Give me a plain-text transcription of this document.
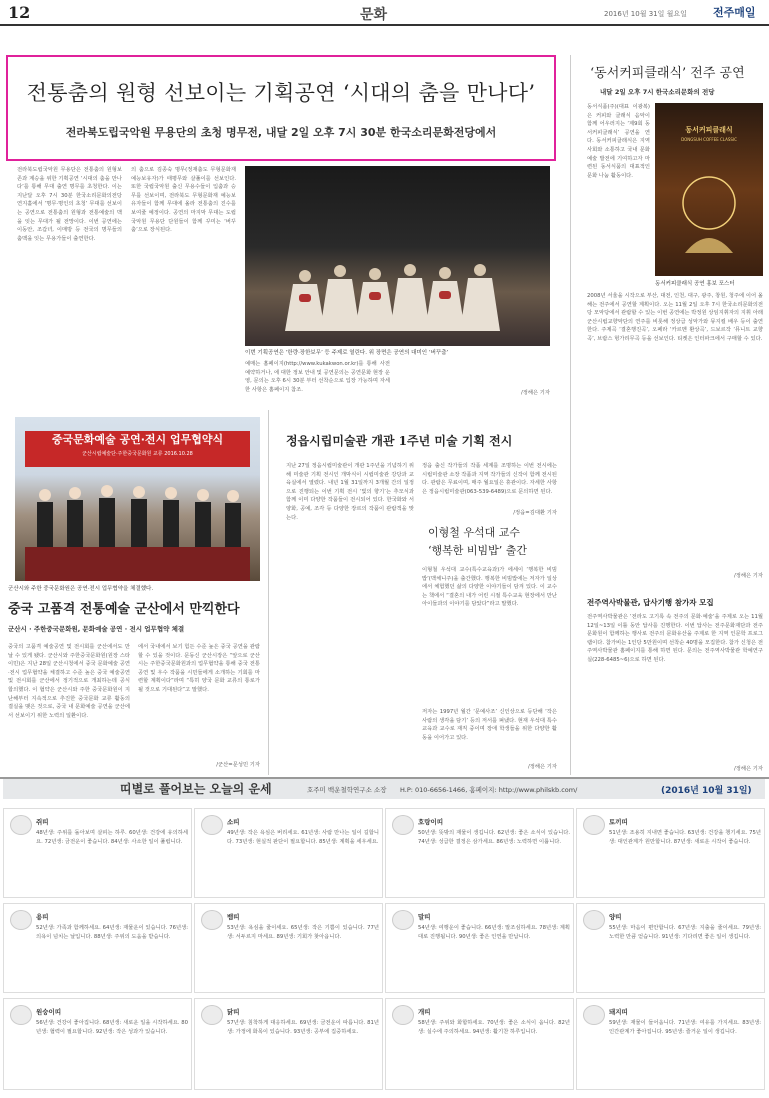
12	문화	2016년 10월 31일 월요일 전주매일
전통춤의 원형 선보이는 기획공연 ‘시대의 춤을 만나다’
전라북도립국악원 무용단의 초청 명무전, 내달 2일 오후 7시 30분 한국소리문화전당에서
전라북도립국악원 무용단은 전통춤의 원형보존과 계승을 위한 기획공연 ‘시대의 춤을 만나다’를 통해 무대 출연 명무를 초청한다. 이는 지난달 오후 7시 30분 한국소리문화의전당 연지홀에서 ‘명무·명인의 초청’ 무대를 선보이는 공연으로 전통춤의 원형과 전통예술의 맥을 잇는 무대가 될 전망이다. 이번 공연에는 이동안, 조갑녀, 이매방 등 전국의 명무들의 춤맥을 잇는 무용가들이 출연한다.
의 춤으로 김종숙 명무(정재춤도 무형문화재 예능보유자)가 태평무와 살풀이를 선보인다. 또한 국립국악원 출신 무용수들이 입춤과 승무를 선보이며, 전라북도 무형문화재 예능보유자들이 함께 무대에 올라 전통춤의 진수를 보여줄 예정이다. 공연의 마지막 무대는 도립국악원 무용단 단원들이 함께 꾸미는 ‘버꾸춤’으로 장식된다.
이번 기획공연은 ‘한량·장한보무’ 등 주제로 열린다. 위 장면은 공연의 대미인 ‘버꾸춤’
예매는 홈페이지(http://www.kukakwon.or.kr)를 통해 사전 예약하거나, 에 대한 정보 안내 및 공연문의는 공연문화 현장 운영, 문의는 오후 6시 30분 부터 선착순으로 입장 가능하며 자세한 사항은 홈페이지 참조.
/정해은 기자
‘동서커피클래식’ 전주 공연
내달 2일 오후 7시 한국소리문화의 전당
동서식품(주)(대표 이광복)은 커피와 클래식 음악이 함께 어우러지는 ‘제9회 동서커피클래식’ 공연을 연다. 동서커피클래식은 지역사회와 소통하고 국내 문화예술 발전에 기여하고자 마련된 동서식품의 대표적인 문화 나눔 활동이다.
동서커피클래식
DONGSUH COFFEE CLASSIC
동서커피클래식 공연 홍보 포스터
2008년 서울을 시작으로 부산, 대전, 인천, 대구, 광주, 창원, 청주에 이어 올해는 전주에서 공연할 계획이다. 오는 11월 2일 오후 7시 한국소리문화의전당 모악당에서 관람할 수 있는 이번 공연에는 박정원 상임지휘자의 지휘 아래 군산시립교향악단의 연주를 비롯해 정상급 성악가와 뮤지컬 배우 등이 출연한다. 주제곡 ‘결혼행진곡’, 오페라 ‘카르멘 환상곡’, 드보르작 ‘뮤니트 교향곡’, 브람스 헝가리무곡 등을 선보인다. 티켓은 인터파크에서 구매할 수 있다.
/정해은 기자
중국문화예술 공연·전시 업무협약식
군산시립예술단·주한중국문화원 교류 2016.10.28
군산시와 주한 중국문화원은 공연·전시 업무협약을 체결했다.
중국 고품격 전통예술 군산에서 만끽한다
군산시 · 주한중국문화원, 문화예술 공연 · 전시 업무협약 체결
중국의 고품격 예술공연 및 전시회를 군산에서도 만날 수 있게 됐다. 군산시와 주한중국문화원(원장 스타이민)은 지난 28일 군산시청에서 중국 문화예술 공연·전시 업무협약을 체결하고 수준 높은 중국 예술공연 및 전시회를 군산에서 정기적으로 개최하는데 공식 합의했다. 이 협약은 군산시와 주한 중국문화원이 지난해부터 지속적으로 추진한 중국문화 교류 활동의 결실을 맺은 것으로, 중국 내 문화예술 공연을 군산에서 선보이기 위한 노력의 일환이다.
에서 국내에서 보기 힘든 수준 높은 중국 공연을 관람할 수 있을 것이다. 문동신 군산시장은 “앞으로 군산시는 주한중국문화원과의 업무협약을 통해 중국 전통 공연 및 우수 작품을 시민들에게 소개하는 기회를 마련할 계획이다”라며 “특히 양국 문화 교류의 통로가 될 것으로 기대된다”고 말했다.
/군산=문성민 기자
정읍시립미술관 개관 1주년 미술 기획 전시
지난 27일 정읍시립미술관이 개관 1주년을 기념하기 위해 미술관 기획 전시인 개막식이 시립미술관 강당과 교육실에서 열렸다. 내년 1월 31일까지 3개월 간의 일정으로 진행되는 이번 기획 전시 ‘빛의 향기’는 추모식과 함께 이미 다양한 작품들이 전시되어 있다. 한국화와 서양화, 공예, 조각 등 다양한 장르의 작품이 관람객을 맞는다.
정읍 출신 작가들의 작품 세계를 조명하는 이번 전시에는 시립미술관 소장 작품과 지역 작가들의 신작이 함께 전시된다. 관람은 무료이며, 매주 월요일은 휴관이다. 자세한 사항은 정읍시립미술관(063-539-6489)으로 문의하면 된다.
/정읍=김대환 기자
이형철 우석대 교수
‘행복한 비빔밥’ 출간
이형철 우석대 교수(특수교육과)가 에세이 ‘행복한 비빔밥’(맥체니주)을 출간했다. 행복한 비빔밥에는 저자가 일상에서 체험했던 삶의 다양한 이야기들이 담겨 있다. 이 교수는 책에서 “결혼의 내가 어린 시절 특수교육 현장에서 만난 아이들과의 이야기를 담았다”라고 말했다.
저자는 1997년 월간 ‘문예사조’ 신인상으로 등단해 ‘작은 사람의 생각을 담기’ 등의 저서를 펴냈다. 현재 우석대 특수교육과 교수로 재직 중이며 장애 학생들을 위한 다양한 활동을 이어가고 있다.
/정해은 기자
전주역사박물관, 답사기행 참가자 모집
전주역사박물관은 ‘전라도 고기록 속 전주의 문화·예술’을 주제로 오는 11월 12일~13일 이틀 동안 답사를 진행한다. 이번 답사는 전주문화재단과 전주문화원이 함께하는 행사로 전주의 문화유산을 주제로 한 지역 인문학 프로그램이다. 참가비는 1인당 5만원이며 선착순 40명을 모집한다. 참가 신청은 전주역사박물관 홈페이지를 통해 하면 된다. 문의는 전주역사박물관 학예연구실(228-6485~6)으로 하면 된다.
/정해은 기자
띠별로 풀어보는 오늘의 운세	호주미 백운철학연구소 소장 H.P: 010-6656-1466, 홈페이지: http://www.philskb.com/	(2016년 10월 31일)
쥐띠
48년생: 주위를 돌아보며 살피는 하루. 60년생: 건강에 유의하세요. 72년생: 금전운이 좋습니다. 84년생: 사소한 일이 풀립니다.
소띠
49년생: 작은 욕심은 버리세요. 61년생: 사람 만나는 일이 길합니다. 73년생: 현실적 판단이 필요합니다. 85년생: 계획을 세우세요.
호랑이띠
50년생: 뜻밖의 재물이 생깁니다. 62년생: 좋은 소식이 있습니다. 74년생: 성급한 결정은 삼가세요. 86년생: 노력하면 이룹니다.
토끼띠
51년생: 조용히 지내면 좋습니다. 63년생: 건강을 챙기세요. 75년생: 대인관계가 원만합니다. 87년생: 새로운 시작이 좋습니다.
용띠
52년생: 가족과 함께하세요. 64년생: 재물운이 있습니다. 76년생: 의욕이 넘치는 날입니다. 88년생: 주위의 도움을 받습니다.
뱀띠
53년생: 욕심을 줄이세요. 65년생: 작은 기쁨이 있습니다. 77년생: 서두르지 마세요. 89년생: 기회가 찾아옵니다.
말띠
54년생: 여행운이 좋습니다. 66년생: 말조심하세요. 78년생: 계획대로 진행됩니다. 90년생: 좋은 인연을 만납니다.
양띠
55년생: 마음이 편안합니다. 67년생: 지출을 줄이세요. 79년생: 노력한 만큼 얻습니다. 91년생: 기다리면 좋은 일이 생깁니다.
원숭이띠
56년생: 건강이 좋아집니다. 68년생: 새로운 일을 시작하세요. 80년생: 협력이 필요합니다. 92년생: 작은 성과가 있습니다.
닭띠
57년생: 침착하게 대응하세요. 69년생: 금전운이 따릅니다. 81년생: 가정에 화목이 있습니다. 93년생: 공부에 집중하세요.
개띠
58년생: 주위와 화합하세요. 70년생: 좋은 소식이 옵니다. 82년생: 실수에 주의하세요. 94년생: 활기찬 하루입니다.
돼지띠
59년생: 재물이 들어옵니다. 71년생: 여유를 가지세요. 83년생: 인간관계가 좋아집니다. 95년생: 즐거운 일이 생깁니다.
